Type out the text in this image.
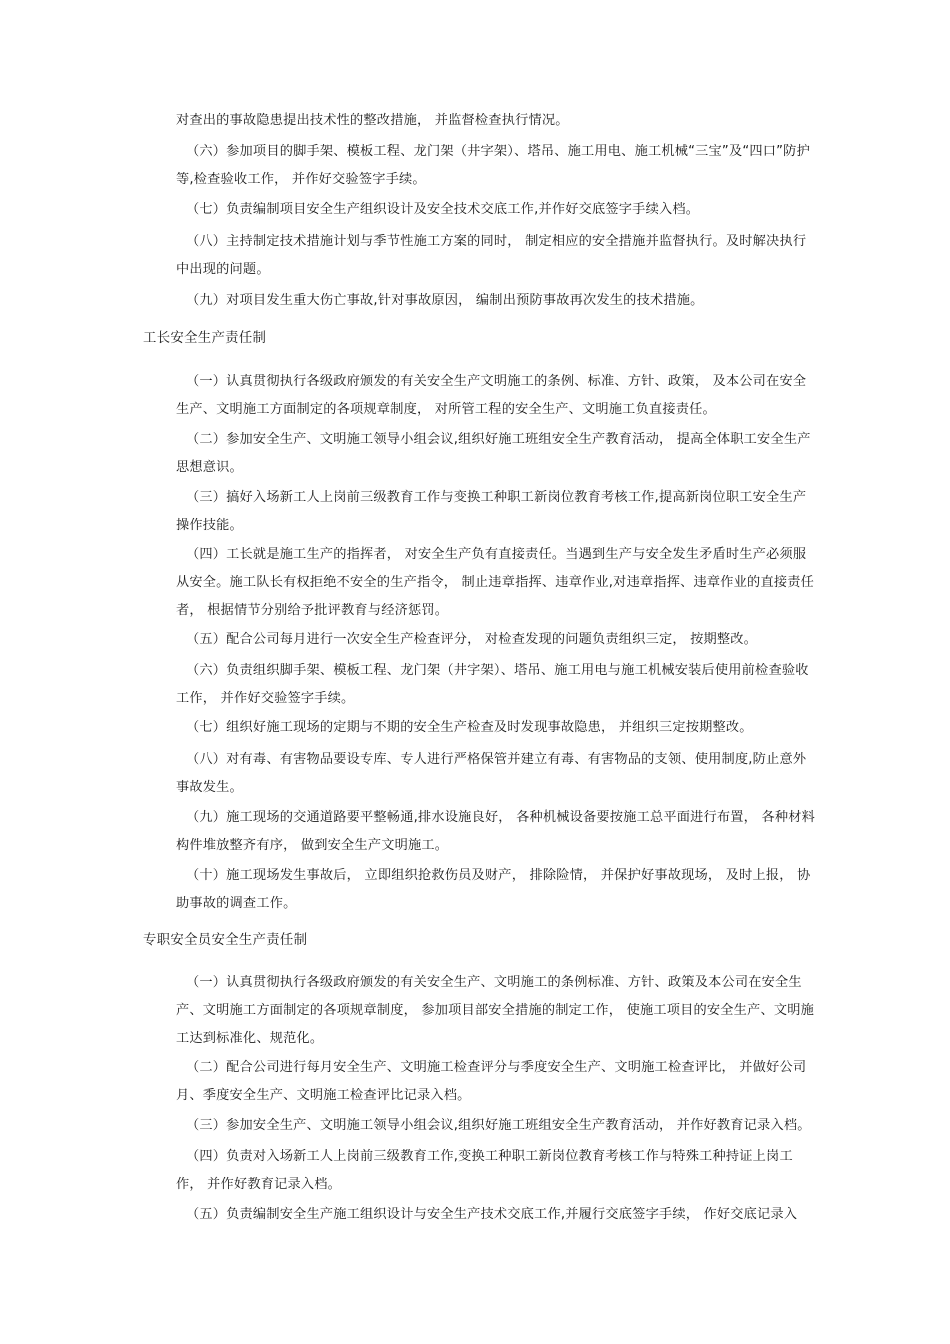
对查出的事故隐患提出技术性的整改措施， 并监督检查执行情况。
（六）参加项目的脚手架、模板工程、龙门架（井字架）、塔吊、施工用电、施工机械“三宝”及“四口”防护等,检查验收工作， 并作好交验签字手续。
（七）负责编制项目安全生产组织设计及安全技术交底工作,并作好交底签字手续入档。
（八）主持制定技术措施计划与季节性施工方案的同时， 制定相应的安全措施并监督执行。及时解决执行中出现的问题。
（九）对项目发生重大伤亡事故,针对事故原因， 编制出预防事故再次发生的技术措施。
工长安全生产责任制
（一）认真贯彻执行各级政府颁发的有关安全生产文明施工的条例、标准、方针、政策， 及本公司在安全生产、文明施工方面制定的各项规章制度， 对所管工程的安全生产、文明施工负直接责任。
（二）参加安全生产、文明施工领导小组会议,组织好施工班组安全生产教育活动， 提高全体职工安全生产思想意识。
（三）搞好入场新工人上岗前三级教育工作与变换工种职工新岗位教育考核工作,提高新岗位职工安全生产操作技能。
（四）工长就是施工生产的指挥者， 对安全生产负有直接责任。当遇到生产与安全发生矛盾时生产必须服从安全。施工队长有权拒绝不安全的生产指令， 制止违章指挥、违章作业,对违章指挥、违章作业的直接责任者， 根据情节分别给予批评教育与经济惩罚。
（五）配合公司每月进行一次安全生产检查评分， 对检查发现的问题负责组织三定， 按期整改。
（六）负责组织脚手架、模板工程、龙门架（井字架）、塔吊、施工用电与施工机械安装后使用前检查验收工作， 并作好交验签字手续。
（七）组织好施工现场的定期与不期的安全生产检查及时发现事故隐患， 并组织三定按期整改。
（八）对有毒、有害物品要设专库、专人进行严格保管并建立有毒、有害物品的支领、使用制度,防止意外事故发生。
（九）施工现场的交通道路要平整畅通,排水设施良好， 各种机械设备要按施工总平面进行布置， 各种材料构件堆放整齐有序， 做到安全生产文明施工。
（十）施工现场发生事故后， 立即组织抢救伤员及财产， 排除险情， 并保护好事故现场， 及时上报， 协助事故的调查工作。
专职安全员安全生产责任制
（一）认真贯彻执行各级政府颁发的有关安全生产、文明施工的条例标准、方针、政策及本公司在安全生产、文明施工方面制定的各项规章制度， 参加项目部安全措施的制定工作， 使施工项目的安全生产、文明施工达到标准化、规范化。
（二）配合公司进行每月安全生产、文明施工检查评分与季度安全生产、文明施工检查评比， 并做好公司月、季度安全生产、文明施工检查评比记录入档。
（三）参加安全生产、文明施工领导小组会议,组织好施工班组安全生产教育活动， 并作好教育记录入档。
（四）负责对入场新工人上岗前三级教育工作,变换工种职工新岗位教育考核工作与特殊工种持证上岗工作， 并作好教育记录入档。
（五）负责编制安全生产施工组织设计与安全生产技术交底工作,并履行交底签字手续， 作好交底记录入
